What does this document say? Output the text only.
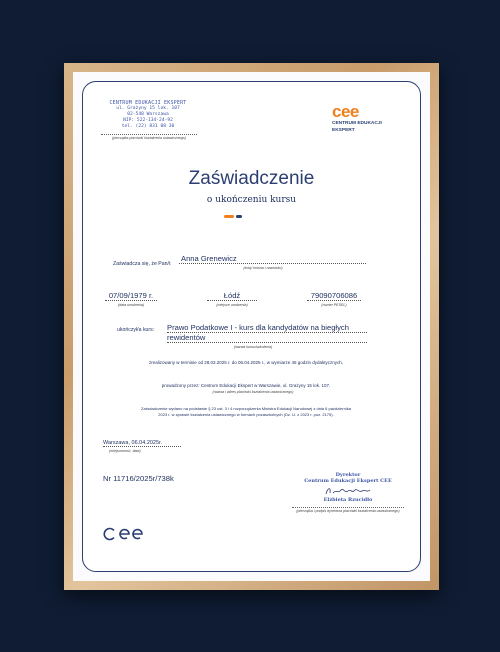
CENTRUM EDUKACJI EKSPERT
ul. Grażyny 15 lok. 107
02-548 Warszawa
NIP: 522-134-24-92
tel. (22) 831 08 30
(pieczątka placówki kształcenia ustawicznego)
cee
CENTRUM EDUKACJI
EKSPERT
Zaświadczenie
o ukończeniu kursu
Zaświadcza się, że Pan/i:
Anna Grenewicz
(imię/ imiona i nazwisko)
07/09/1979 r.
(data urodzenia)
Łódź
(miejsce urodzenia)
79090706086
(numer PESEL)
ukończył/a kurs: Prawo Podatkowe I - kurs dla kandydatów na biegłych
rewidentów
(nazwa kursu/szkolenia)
zrealizowany w terminie od 28.03.2025 r. do 06.04.2025 r., w wymiarze 45 godzin dydaktycznych,
prowadzony przez: Centrum Edukacji Ekspert w Warszawie, ul. Grażyny 15 lok. 107.
(nazwa i adres placówki kształcenia ustawicznego)
Zaświadczenie wydano na podstawie § 23 ust. 3 i 4 rozporządzenia Ministra Edukacji Narodowej z dnia 6 października
2023 r. w sprawie kształcenia ustawicznego w formach pozaszkolnych (Dz. U. z 2023 r. poz. 2175).
Warszawa, 06.04.2025r.
(miejscowość, data)
Nr 11716/2025r/738k	Dyrektor
Centrum Edukacji Ekspert CEE
Elżbieta Rzucidło
(pieczątka i podpis dyrektora placówki kształcenia ustawicznego)
